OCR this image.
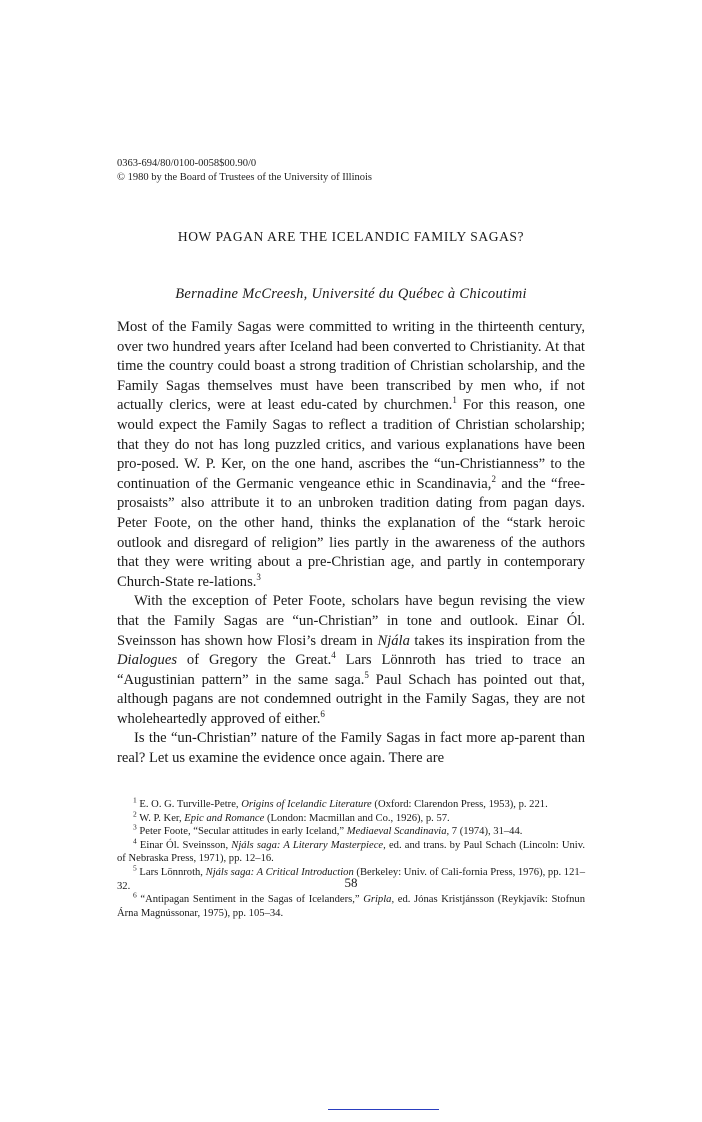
0363-694/80/0100-0058$00.90/0
© 1980 by the Board of Trustees of the University of Illinois
HOW PAGAN ARE THE ICELANDIC FAMILY SAGAS?
Bernadine McCreesh, Université du Québec à Chicoutimi

Most of the Family Sagas were committed to writing in the thirteenth century, over two hundred years after Iceland had been converted to Christianity. At that time the country could boast a strong tradition of Christian scholarship, and the Family Sagas themselves must have been transcribed by men who, if not actually clerics, were at least edu-cated by churchmen.$^1$ For this reason, one would expect the Family Sagas to reflect a tradition of Christian scholarship; that they do not has long puzzled critics, and various explanations have been pro-posed. W. P. Ker, on the one hand, ascribes the “un-Christianness” to the continuation of the Germanic vengeance ethic in Scandinavia,$^2$ and the “free-prosaists” also attribute it to an unbroken tradition dating from pagan days. Peter Foote, on the other hand, thinks the explanation of the “stark heroic outlook and disregard of religion” lies partly in the awareness of the authors that they were writing about a pre-Christian age, and partly in contemporary Church-State re-lations.$^3$

With the exception of Peter Foote, scholars have begun revising the view that the Family Sagas are “un-Christian” in tone and outlook. Einar Ól. Sveinsson has shown how Flosi’s dream in Njála takes its inspiration from the Dialogues of Gregory the Great.$^4$ Lars Lönnroth has tried to trace an “Augustinian pattern” in the same saga.$^5$ Paul Schach has pointed out that, although pagans are not condemned outright in the Family Sagas, they are not wholeheartedly approved of either.$^6$

Is the “un-Christian” nature of the Family Sagas in fact more ap-parent than real? Let us examine the evidence once again. There are

$^1$ E. O. G. Turville-Petre, Origins of Icelandic Literature (Oxford: Clarendon Press, 1953), p. 221.

$^2$ W. P. Ker, Epic and Romance (London: Macmillan and Co., 1926), p. 57.

$^3$ Peter Foote, “Secular attitudes in early Iceland,” Mediaeval Scandinavia, 7 (1974), 31–44.

$^4$ Einar Ól. Sveinsson, Njáls saga: A Literary Masterpiece, ed. and trans. by Paul Schach (Lincoln: Univ. of Nebraska Press, 1971), pp. 12–16.

$^5$ Lars Lönnroth, Njáls saga: A Critical Introduction (Berkeley: Univ. of Cali-fornia Press, 1976), pp. 121–32.

$^6$ “Antipagan Sentiment in the Sagas of Icelanders,” Gripla, ed. Jónas Kristjánsson (Reykjavík: Stofnun Árna Magnússonar, 1975), pp. 105–34.

58
